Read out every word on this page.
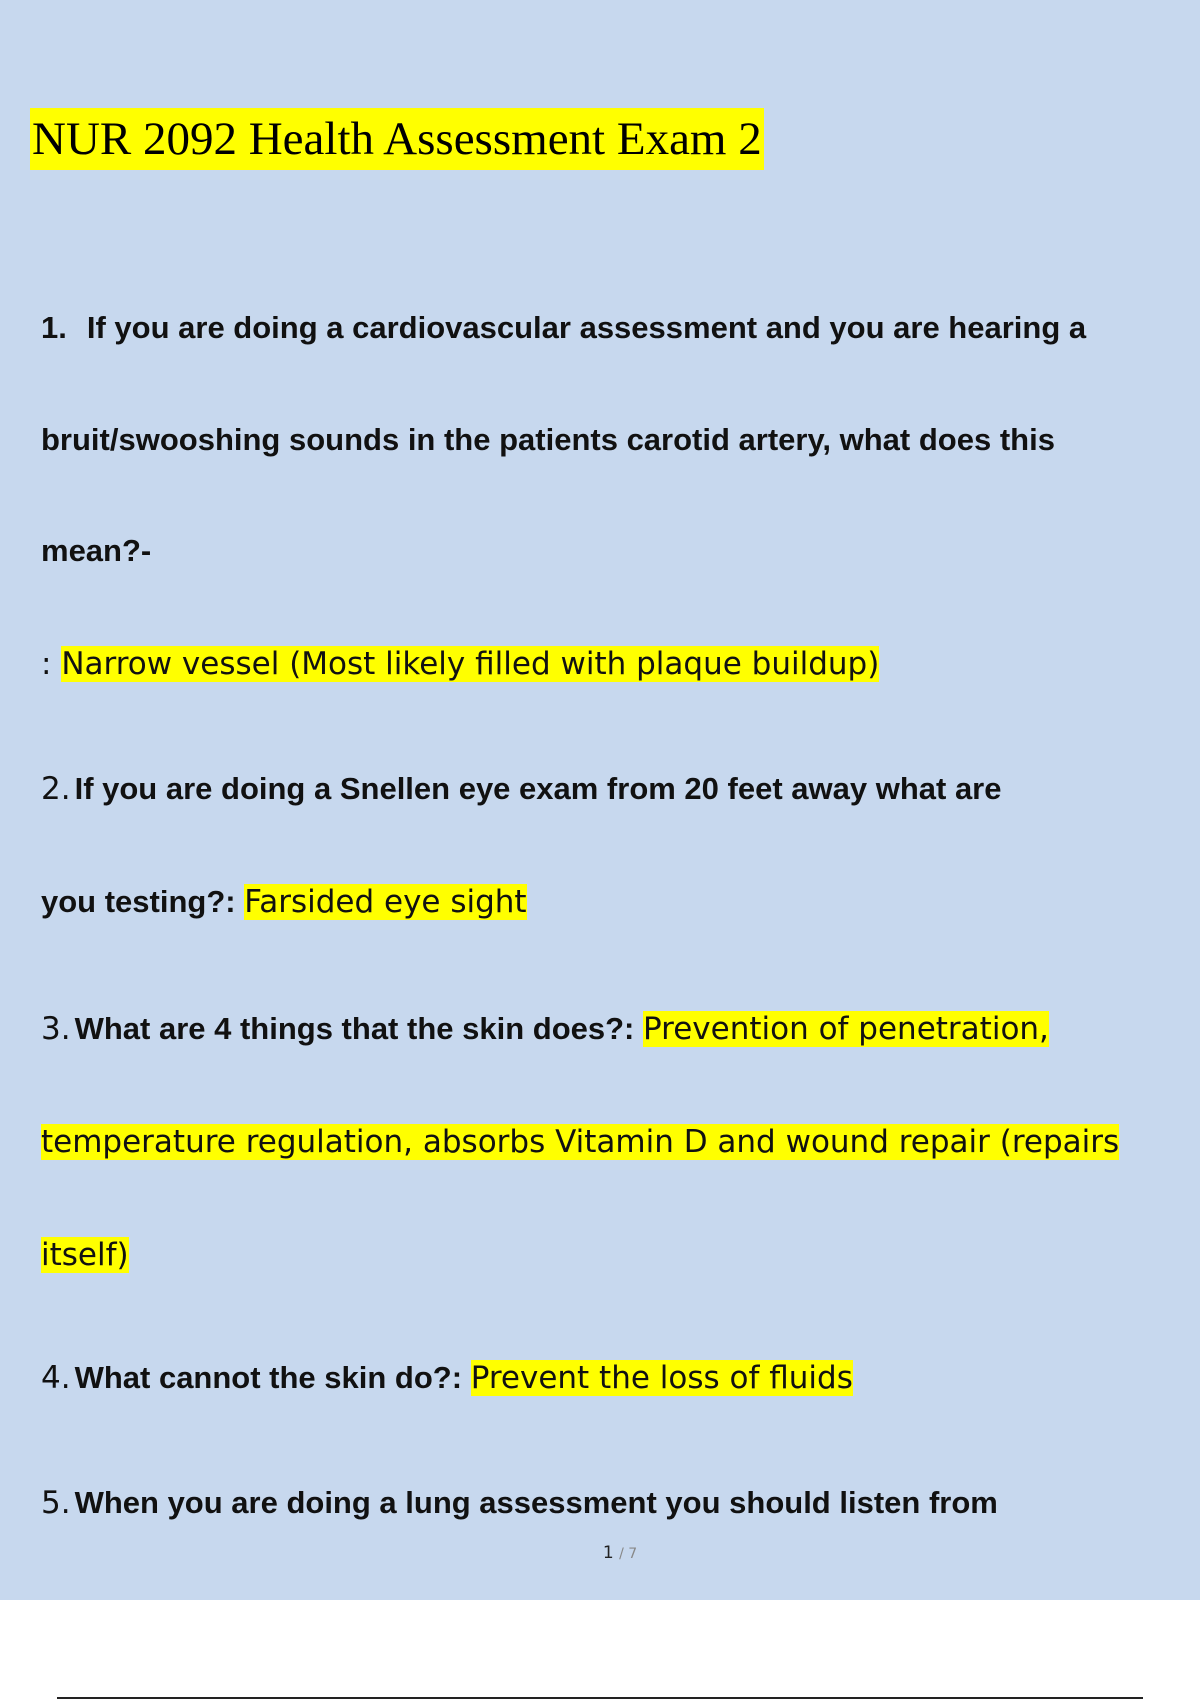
NUR 2092 Health Assessment Exam 2
1. If you are doing a cardiovascular assessment and you are hearing a
bruit/swooshing sounds in the patients carotid artery, what does this
mean?-
: Narrow vessel (Most likely filled with plaque buildup)
2. If you are doing a Snellen eye exam from 20 feet away what are
you testing?: Farsided eye sight
3. What are 4 things that the skin does?: Prevention of penetration,
temperature regulation, absorbs Vitamin D and wound repair (repairs
itself)
4. What cannot the skin do?: Prevent the loss of fluids
5. When you are doing a lung assessment you should listen from
1 / 7
